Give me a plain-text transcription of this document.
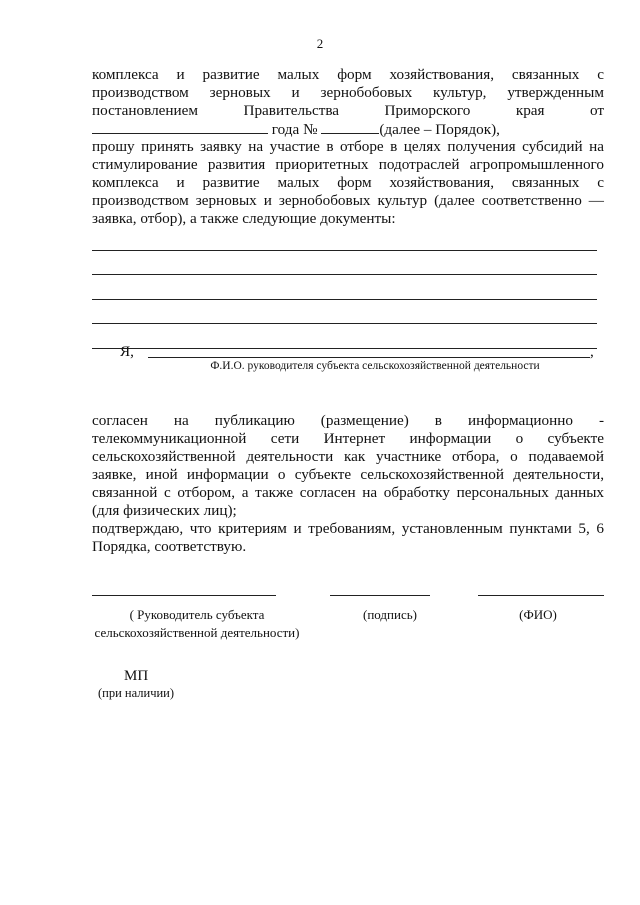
2
комплекса и развитие малых форм хозяйствования, связанных с
производством зерновых и зернобобовых культур, утвержденным
постановлением Правительства Приморского края от
года №	(далее – Порядок),
прошу принять заявку на участие в отборе в целях получения субсидий на
стимулирование развития приоритетных подотраслей агропромышленного
комплекса и развитие малых форм хозяйствования, связанных с
производством зерновых и зернобобовых культур (далее соответственно —
заявка, отбор), а также следующие документы:
Я,	,
Ф.И.О. руководителя субъекта сельскохозяйственной деятельности
согласен на публикацию (размещение) в информационно -
телекоммуникационной сети Интернет информации о субъекте
сельскохозяйственной деятельности как участнике отбора, о подаваемой
заявке, иной информации о субъекте сельскохозяйственной деятельности,
связанной с отбором, а также согласен на обработку персональных данных
(для физических лиц);
подтверждаю, что критериям и требованиям, установленным пунктами 5, 6
Порядка, соответствую.
( Руководитель субъекта
сельскохозяйственной деятельности)
(подпись)	(ФИО)
МП
(при наличии)
